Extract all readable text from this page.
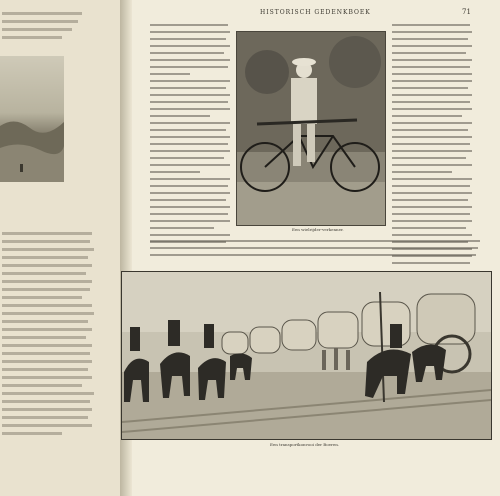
HISTORISCH GEDENKBOEK	71
Een wielrijder-verkenner.
Een transportkonvooi der Boeren.
